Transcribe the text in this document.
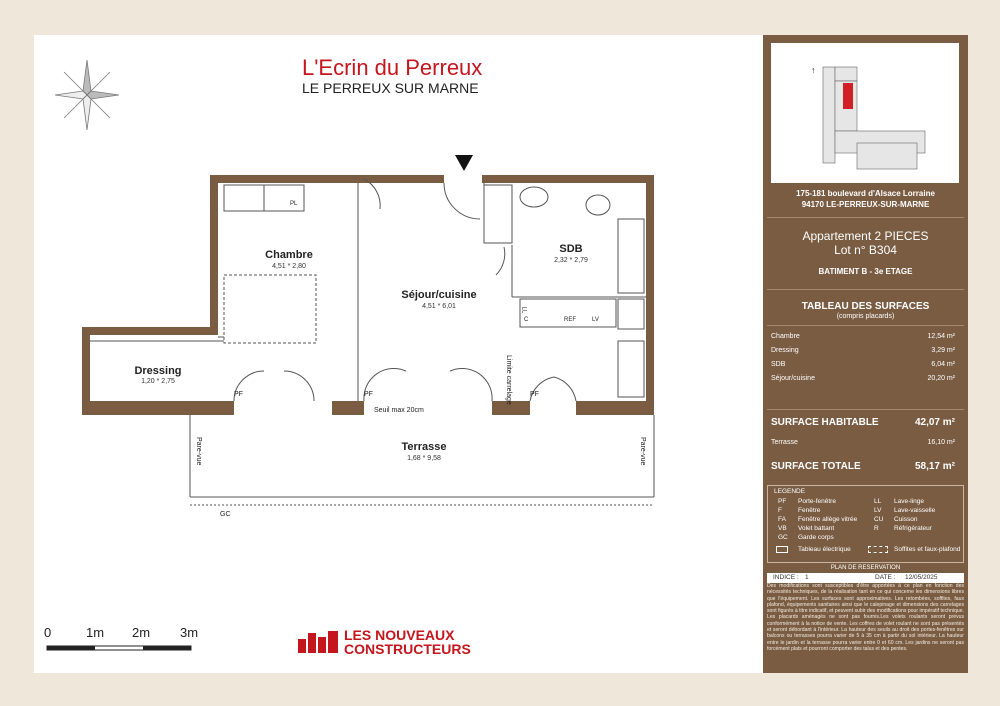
L'Ecrin du Perreux
LE PERREUX SUR MARNE
Chambre
4,51 * 2,80
Séjour/cuisine
4,51 * 6,01
SDB
2,32 * 2,79
Dressing
1,20 * 2,75
Terrasse
1,68 * 9,58
PL
C	REF	LV
LL
Limite carrelage
PF	PF	PF
Seuil max 20cm
Pare-vue	Pare-vue
GC
0	1m 2m 3m	LES NOUVEAUX
CONSTRUCTEURS
↑
175-181 boulevard d'Alsace Lorraine
94170 LE-PERREUX-SUR-MARNE
Appartement 2 PIECES
Lot n° B304
BATIMENT B - 3e ETAGE
TABLEAU DES SURFACES
(compris placards)
Chambre	12,54 m²
Dressing	3,29 m²
SDB	6,04 m²
Séjour/cuisine	20,20 m²
SURFACE HABITABLE	42,07 m²
Terrasse	16,10 m²
SURFACE TOTALE	58,17 m²
LEGENDE
PF Porte-fenêtre
F Fenêtre
FA Fenêtre allège vitrée
VB Volet battant
GC Garde corps
LL Lave-linge
LV Lave-vaisselle
CU Cuisson
R Réfrigérateur
Tableau électrique	Soffites et faux-plafond
PLAN DE RESERVATION
INDICE : 1	DATE : 12/05/2025
Des modifications sont susceptibles d'être apportées à ce plan en fonction des nécessités techniques, de la réalisation tant en ce qui concerne les dimensions libres que l'équipement. Les surfaces sont approximatives. Les retombées, soffites, faux plafond, équipements sanitaires ainsi que le calepinage et dimensions des carrelages sont figurés à titre indicatif, et peuvent subir des modifications pour impératif technique. Les placards aménagés ne sont pas fournis.Les volets roulants seront prévus conformément à la notice de vente. Les coffres de volet roulant ne sont pas présentés et seront débordant à l'intérieur. La hauteur des seuils au droit des portes-fenêtres sur balcons ou terrasses pourra varier de 5 à 35 cm à partir du sol intérieur. La hauteur entre le jardin et la terrasse pourra varier entre 0 et 60 cm. Les jardins ne seront pas forcément plats et pourront comporter des talus et des pentes.
